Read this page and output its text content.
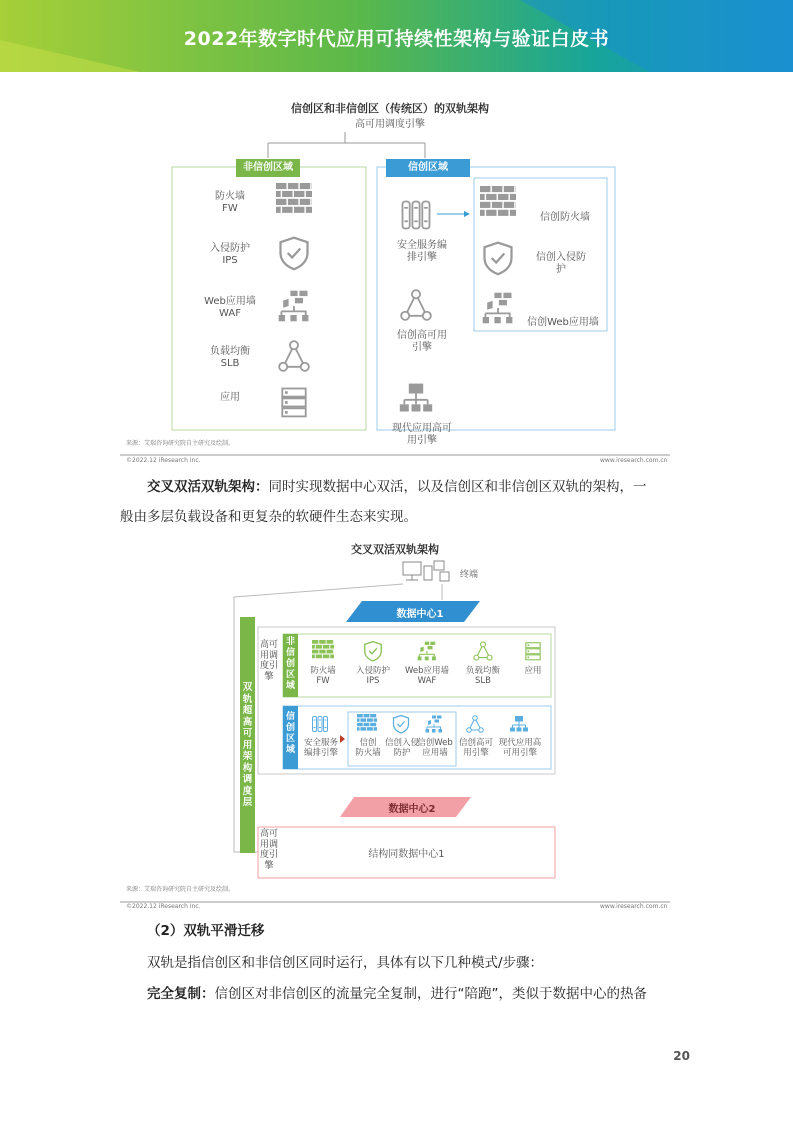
2022年数字时代应用可持续性架构与验证白皮书
信创区和非信创区（传统区）的双轨架构
高可用调度引擎
非信创区域	信创区域
防火墙
FW
入侵防护
IPS
Web应用墙
WAF
负载均衡
SLB
应用
安全服务编
排引擎
信创高可用
引擎
现代应用高可
用引擎
信创防火墙
信创入侵防
护
信创Web应用墙
来源：艾瑞咨询研究院自主研究及绘制。
©2022.12 iResearch Inc.	www.iresearch.com.cn
交叉双活双轨架构：同时实现数据中心双活，以及信创区和非信创区双轨的架构，一
般由多层负载设备和更复杂的软硬件生态来实现。
交叉双活双轨架构
终端
数据中心1
数据中心2
双轨超高可用架构调度层
高可用调度引擎
高可用调度引擎
非信创区域
信创区域
防火墙
FW
入侵防护
IPS
Web应用墙
WAF
负载均衡
SLB
应用
安全服务
编排引擎
信创
防火墙
信创入侵
防护
信创Web
应用墙
信创高可
用引擎
现代应用高
可用引擎
结构同数据中心1
来源：艾瑞咨询研究院自主研究及绘制。
©2022.12 iResearch Inc.	www.iresearch.com.cn
（2）双轨平滑迁移
双轨是指信创区和非信创区同时运行，具体有以下几种模式/步骤：
完全复制：信创区对非信创区的流量完全复制，进行“陪跑”，类似于数据中心的热备
20
